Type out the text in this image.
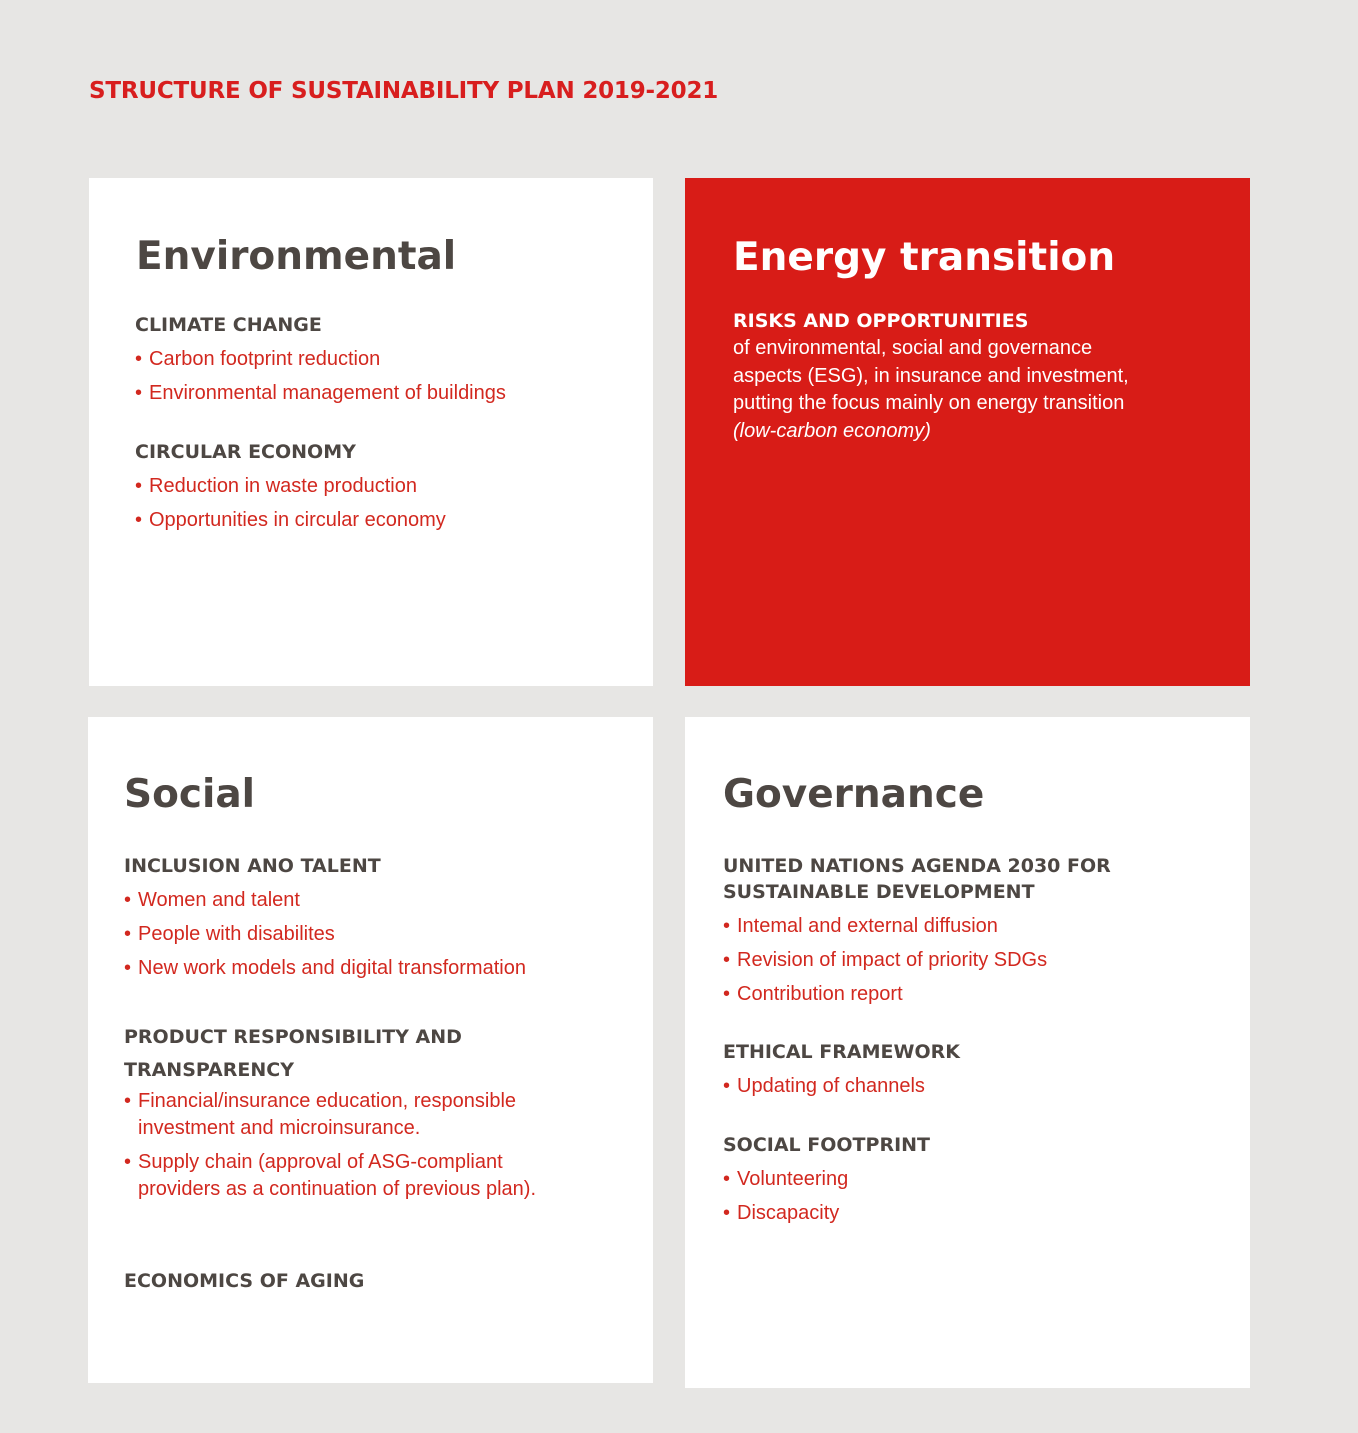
STRUCTURE OF SUSTAINABILITY PLAN 2019-2021
Environmental
CLIMATE CHANGE
• Carbon footprint reduction
• Environmental management of buildings
CIRCULAR ECONOMY
• Reduction in waste production
• Opportunities in circular economy
Energy transition
RISKS AND OPPORTUNITIES

of environmental, social and governance aspects (ESG), in insurance and investment, putting the focus mainly on energy transition (low-carbon economy)

Social
INCLUSION ANO TALENT
• Women and talent
• People with disabilites
• New work models and digital transformation
PRODUCT RESPONSIBILITY AND TRANSPARENCY
• Financial/insurance education, responsible investment and microinsurance.
• Supply chain (approval of ASG-compliant providers as a continuation of previous plan).
ECONOMICS OF AGING
Governance
UNITED NATIONS AGENDA 2030 FOR SUSTAINABLE DEVELOPMENT
• Intemal and external diffusion
• Revision of impact of priority SDGs
• Contribution report
ETHICAL FRAMEWORK
• Updating of channels
SOCIAL FOOTPRINT
• Volunteering
• Discapacity
